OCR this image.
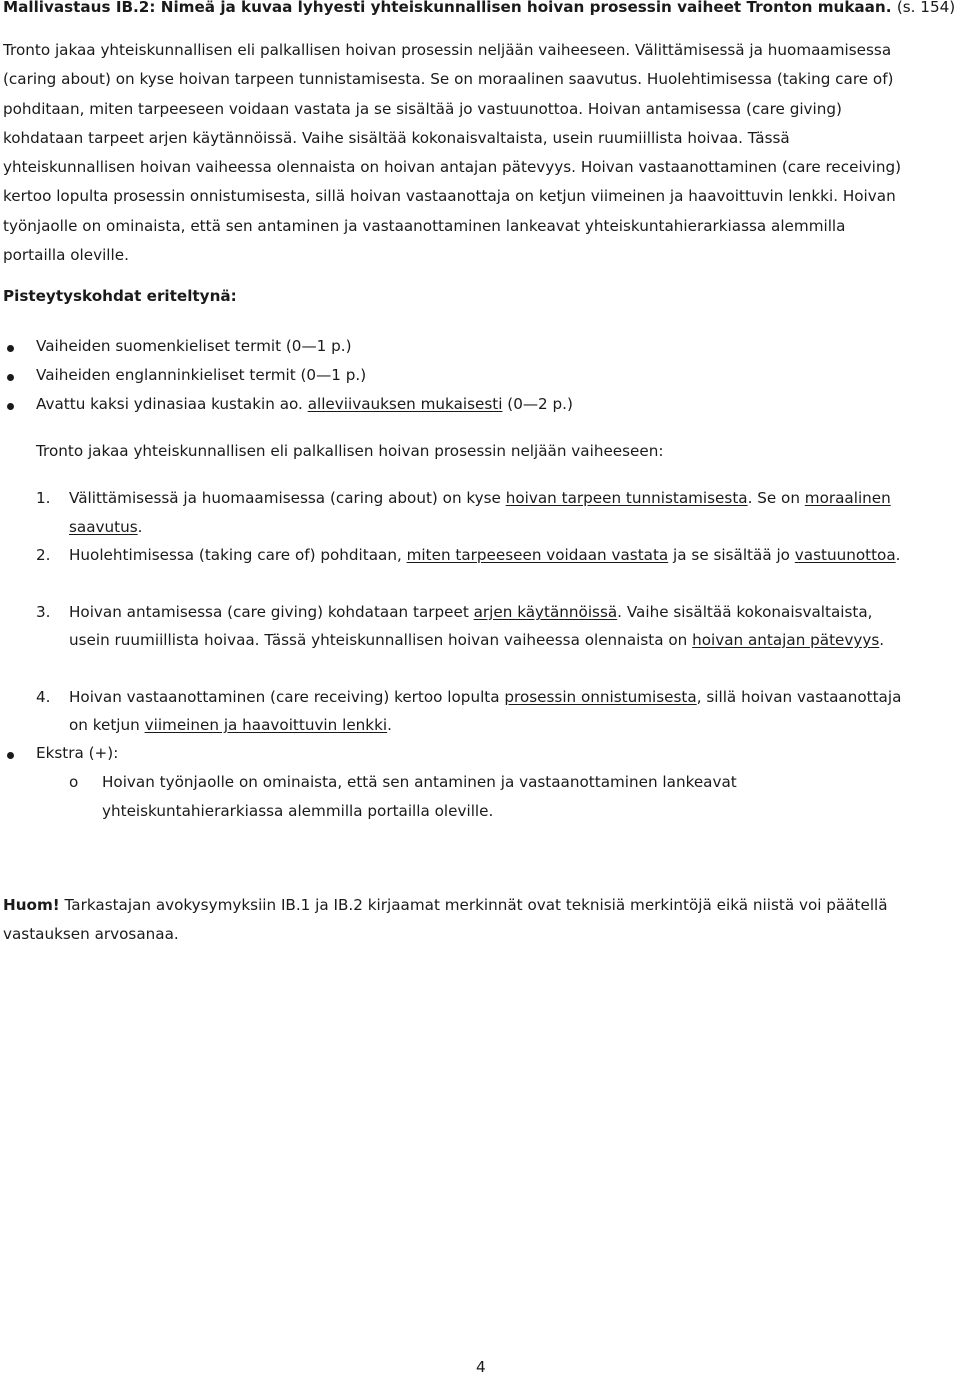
Mallivastaus IB.2: Nimeä ja kuvaa lyhyesti yhteiskunnallisen hoivan prosessin vaiheet Tronton mukaan. (s. 154)
Tronto jakaa yhteiskunnallisen eli palkallisen hoivan prosessin neljään vaiheeseen. Välittämisessä ja huomaamisessa
(caring about) on kyse hoivan tarpeen tunnistamisesta. Se on moraalinen saavutus. Huolehtimisessa (taking care of)
pohditaan, miten tarpeeseen voidaan vastata ja se sisältää jo vastuunottoa. Hoivan antamisessa (care giving)
kohdataan tarpeet arjen käytännöissä. Vaihe sisältää kokonaisvaltaista, usein ruumiillista hoivaa. Tässä
yhteiskunnallisen hoivan vaiheessa olennaista on hoivan antajan pätevyys. Hoivan vastaanottaminen (care receiving)
kertoo lopulta prosessin onnistumisesta, sillä hoivan vastaanottaja on ketjun viimeinen ja haavoittuvin lenkki. Hoivan
työnjaolle on ominaista, että sen antaminen ja vastaanottaminen lankeavat yhteiskuntahierarkiassa alemmilla
portailla oleville.
Pisteytyskohdat eriteltynä:
Vaiheiden suomenkieliset termit (0—1 p.)
Vaiheiden englanninkieliset termit (0—1 p.)
Avattu kaksi ydinasiaa kustakin ao. alleviivauksen mukaisesti (0—2 p.)
Tronto jakaa yhteiskunnallisen eli palkallisen hoivan prosessin neljään vaiheeseen:
1. Välittämisessä ja huomaamisessa (caring about) on kyse hoivan tarpeen tunnistamisesta. Se on moraalinen
saavutus.
2. Huolehtimisessa (taking care of) pohditaan, miten tarpeeseen voidaan vastata ja se sisältää jo vastuunottoa.
3. Hoivan antamisessa (care giving) kohdataan tarpeet arjen käytännöissä. Vaihe sisältää kokonaisvaltaista,
usein ruumiillista hoivaa. Tässä yhteiskunnallisen hoivan vaiheessa olennaista on hoivan antajan pätevyys.
4. Hoivan vastaanottaminen (care receiving) kertoo lopulta prosessin onnistumisesta, sillä hoivan vastaanottaja
on ketjun viimeinen ja haavoittuvin lenkki.
Ekstra (+):
o Hoivan työnjaolle on ominaista, että sen antaminen ja vastaanottaminen lankeavat
yhteiskuntahierarkiassa alemmilla portailla oleville.
Huom! Tarkastajan avokysymyksiin IB.1 ja IB.2 kirjaamat merkinnät ovat teknisiä merkintöjä eikä niistä voi päätellä
vastauksen arvosanaa.
4
